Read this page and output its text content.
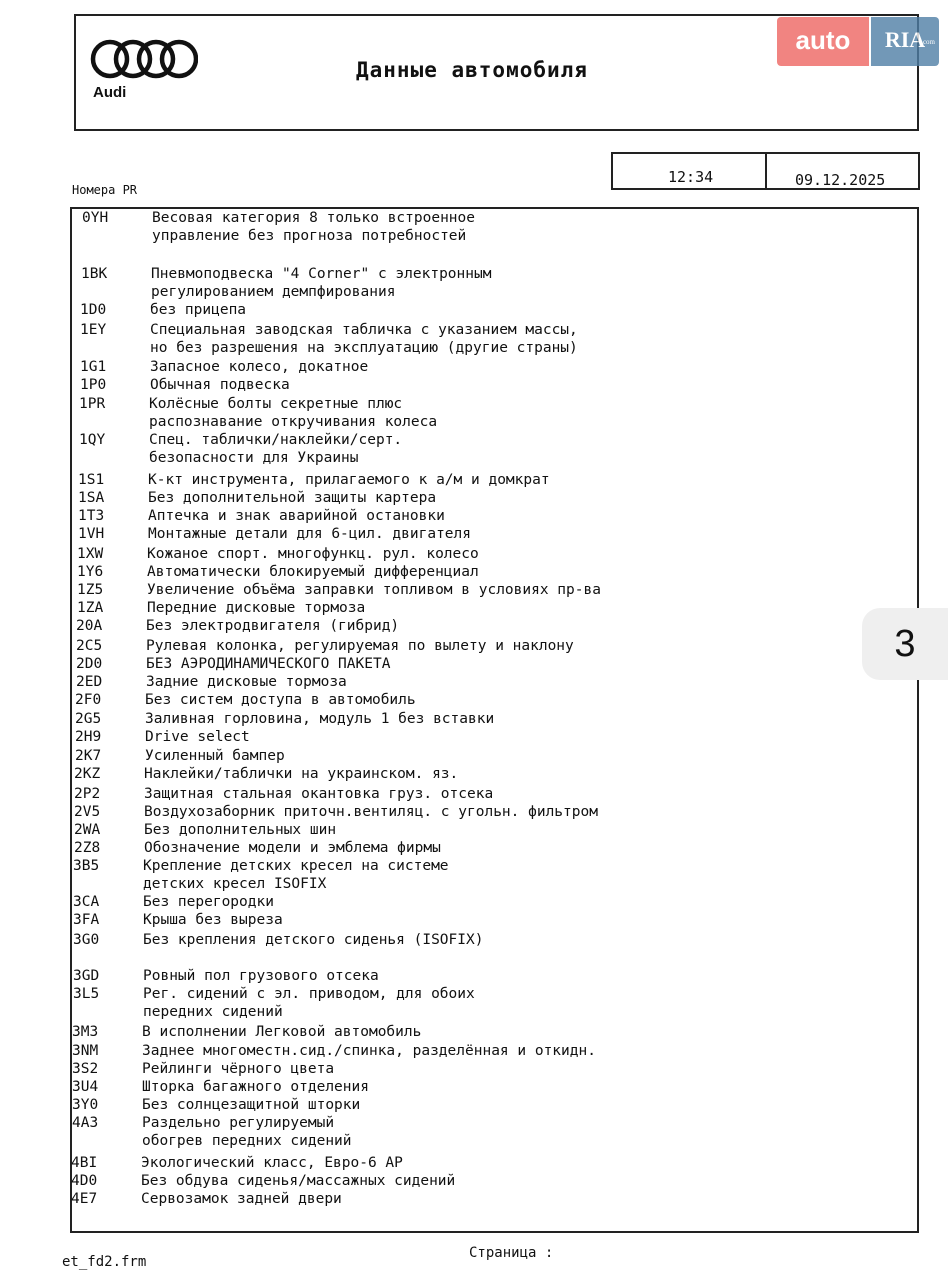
Audi
Данные автомобиля
auto	RIA
.com
12:34	09.12.2025
Номера PR
0YH	Весовая категория 8 только встроенное
управление без прогноза потребностей
1BK	Пневмоподвеска "4 Corner" с электронным
регулированием демпфирования
1D0	без прицепа
1EY	Специальная заводская табличка с указанием массы,
но без разрешения на эксплуатацию (другие страны)
1G1	Запасное колесо, докатное
1P0	Обычная подвеска
1PR	Колёсные болты секретные плюс
распознавание откручивания колеса
1QY	Спец. таблички/наклейки/серт.
безопасности для Украины
1S1	К-кт инструмента, прилагаемого к а/м и домкрат
1SA	Без дополнительной защиты картера
1T3	Аптечка и знак аварийной остановки
1VH	Монтажные детали для 6-цил. двигателя
1XW	Кожаное спорт. многофункц. рул. колесо
1Y6	Автоматически блокируемый дифференциал
1Z5	Увеличение объёма заправки топливом в условиях пр-ва
1ZA	Передние дисковые тормоза
20A	Без электродвигателя (гибрид)
2C5	Рулевая колонка, регулируемая по вылету и наклону
2D0	БЕЗ АЭРОДИНАМИЧЕСКОГО ПАКЕТА
2ED	Задние дисковые тормоза
2F0	Без систем доступа в автомобиль
2G5	Заливная горловина, модуль 1 без вставки
2H9	Drive select
2K7	Усиленный бампер
2KZ	Наклейки/таблички на украинском. яз.
2P2	Защитная стальная окантовка груз. отсека
2V5	Воздухозаборник приточн.вентиляц. с угольн. фильтром
2WA	Без дополнительных шин
2Z8	Обозначение модели и эмблема фирмы
3B5	Крепление детских кресел на системе
детских кресел ISOFIX
3CA	Без перегородки
3FA	Крыша без выреза
3G0	Без крепления детского сиденья (ISOFIX)
3GD	Ровный пол грузового отсека
3L5	Рег. сидений с эл. приводом, для обоих
передних сидений
3M3	В исполнении Легковой автомобиль
3NM	Заднее многоместн.сид./спинка, разделённая и откидн.
3S2	Рейлинги чёрного цвета
3U4	Шторка багажного отделения
3Y0	Без солнцезащитной шторки
4A3	Раздельно регулируемый
обогрев передних сидений
4BI	Экологический класс, Евро-6 АР
4D0	Без обдува сиденья/массажных сидений
4E7	Сервозамок задней двери
3
et_fd2.frm
Страница :
